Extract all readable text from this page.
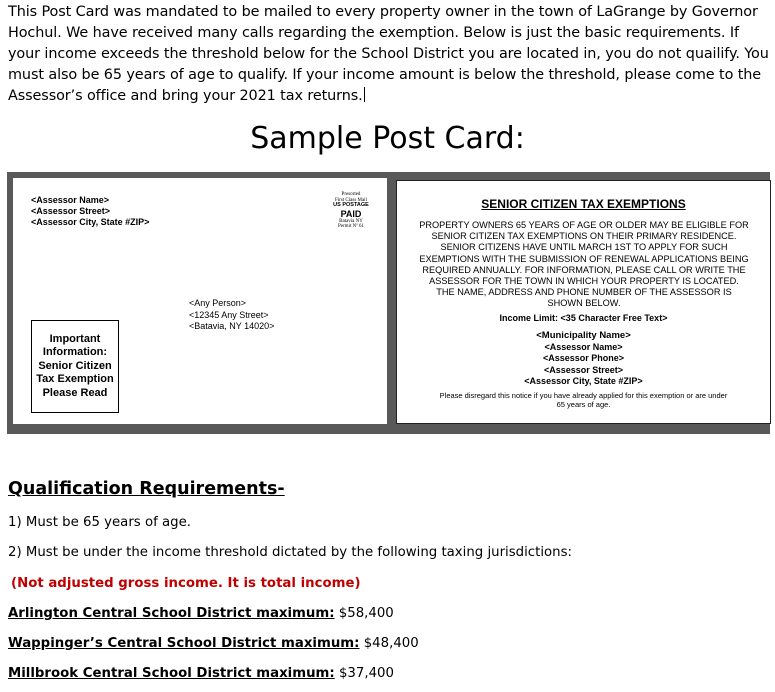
This Post Card was mandated to be mailed to every property owner in the town of LaGrange by Governor Hochul. We have received many calls regarding the exemption. Below is just the basic requirements. If your income exceeds the threshold below for the School District you are located in, you do not quailify. You must also be 65 years of age to qualify. If your income amount is below the threshold, please come to the Assessor’s office and bring your 2021 tax returns.
Sample Post Card:
<Assessor Name>
<Assessor Street>
<Assessor City, State #ZIP>
Presorted
First Class Mail
US POSTAGE
PAID
Batavia NY
Permit Nº 61
<Any Person>
<12345 Any Street>
<Batavia, NY 14020>
Important
Information:
Senior Citizen
Tax Exemption
Please Read
SENIOR CITIZEN TAX EXEMPTIONS
PROPERTY OWNERS 65 YEARS OF AGE OR OLDER MAY BE ELIGIBLE FOR SENIOR CITIZEN TAX EXEMPTIONS ON THEIR PRIMARY RESIDENCE. SENIOR CITIZENS HAVE UNTIL MARCH 1ST TO APPLY FOR SUCH EXEMPTIONS WITH THE SUBMISSION OF RENEWAL APPLICATIONS BEING REQUIRED ANNUALLY. FOR INFORMATION, PLEASE CALL OR WRITE THE ASSESSOR FOR THE TOWN IN WHICH YOUR PROPERTY IS LOCATED. THE NAME, ADDRESS AND PHONE NUMBER OF THE ASSESSOR IS SHOWN BELOW.
Income Limit: <35 Character Free Text>
<Municipality Name>
<Assessor Name>
<Assessor Phone>
<Assessor Street>
<Assessor City, State #ZIP>
Please disregard this notice if you have already applied for this exemption or are under 65 years of age.
Qualification Requirements-
1) Must be 65 years of age.
2) Must be under the income threshold dictated by the following taxing jurisdictions:
(Not adjusted gross income. It is total income)
Arlington Central School District maximum: $58,400
Wappinger’s Central School District maximum: $48,400
Millbrook Central School District maximum: $37,400
